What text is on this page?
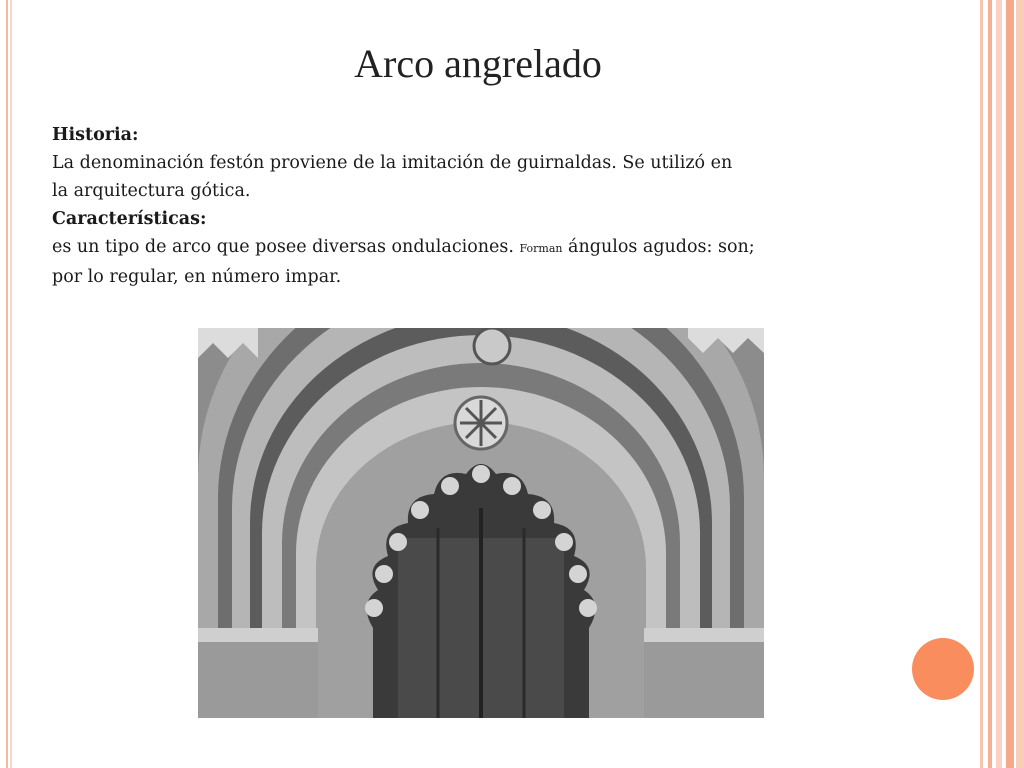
Arco angrelado

Historia:

La denominación festón proviene de la imitación de guirnaldas. Se utilizó en

la arquitectura gótica.

Características:

es un tipo de arco que posee diversas ondulaciones. Forman ángulos agudos: son;

por lo regular, en número impar.
